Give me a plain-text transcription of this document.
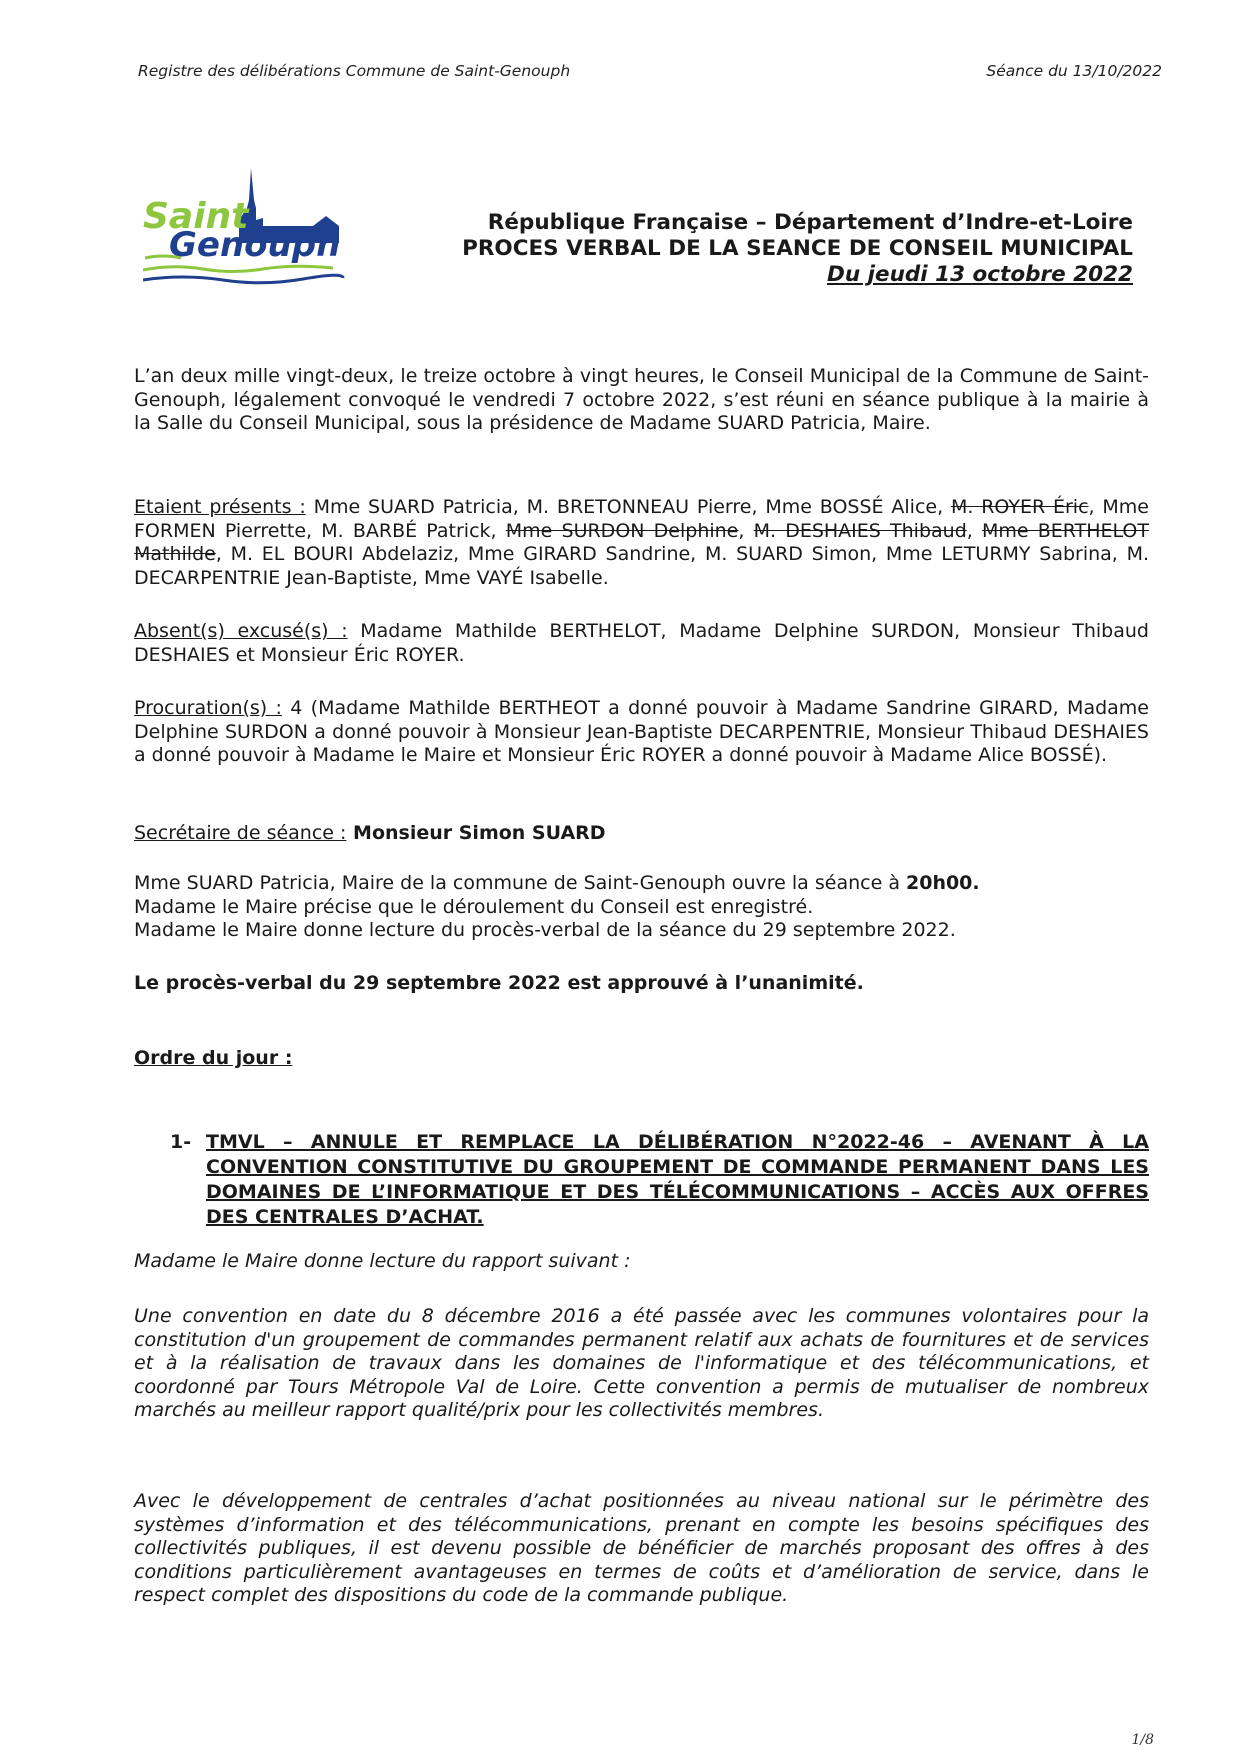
Registre des délibérations Commune de Saint-Genouph	Séance du 13/10/2022
Saint
Genouph
République Française – Département d’Indre-et-Loire
PROCES VERBAL DE LA SEANCE DE CONSEIL MUNICIPAL
Du jeudi 13 octobre 2022
L’an deux mille vingt-deux, le treize octobre à vingt heures, le Conseil Municipal de la Commune de Saint-Genouph, légalement convoqué le vendredi 7 octobre 2022, s’est réuni en séance publique à la mairie à la Salle du Conseil Municipal, sous la présidence de Madame SUARD Patricia, Maire.
Etaient présents : Mme SUARD Patricia, M. BRETONNEAU Pierre, Mme BOSSÉ Alice, M. ROYER Éric, Mme FORMEN Pierrette, M. BARBÉ Patrick, Mme SURDON Delphine, M. DESHAIES Thibaud, Mme BERTHELOT Mathilde, M. EL BOURI Abdelaziz, Mme GIRARD Sandrine, M. SUARD Simon, Mme LETURMY Sabrina, M. DECARPENTRIE Jean-Baptiste, Mme VAYÉ Isabelle.
Absent(s) excusé(s) : Madame Mathilde BERTHELOT, Madame Delphine SURDON, Monsieur Thibaud DESHAIES et Monsieur Éric ROYER.
Procuration(s) : 4 (Madame Mathilde BERTHEOT a donné pouvoir à Madame Sandrine GIRARD, Madame Delphine SURDON a donné pouvoir à Monsieur Jean-Baptiste DECARPENTRIE, Monsieur Thibaud DESHAIES a donné pouvoir à Madame le Maire et Monsieur Éric ROYER a donné pouvoir à Madame Alice BOSSÉ).
Secrétaire de séance : Monsieur Simon SUARD
Mme SUARD Patricia, Maire de la commune de Saint-Genouph ouvre la séance à 20h00.
Madame le Maire précise que le déroulement du Conseil est enregistré.
Madame le Maire donne lecture du procès-verbal de la séance du 29 septembre 2022.
Le procès-verbal du 29 septembre 2022 est approuvé à l’unanimité.
Ordre du jour :
1- TMVL – ANNULE ET REMPLACE LA DÉLIBÉRATION N°2022-46 – AVENANT À LA CONVENTION CONSTITUTIVE DU GROUPEMENT DE COMMANDE PERMANENT DANS LES DOMAINES DE L’INFORMATIQUE ET DES TÉLÉCOMMUNICATIONS – ACCÈS AUX OFFRES DES CENTRALES D’ACHAT.
Madame le Maire donne lecture du rapport suivant :
Une convention en date du 8 décembre 2016 a été passée avec les communes volontaires pour la constitution d'un groupement de commandes permanent relatif aux achats de fournitures et de services et à la réalisation de travaux dans les domaines de l'informatique et des télécommunications, et coordonné par Tours Métropole Val de Loire. Cette convention a permis de mutualiser de nombreux marchés au meilleur rapport qualité/prix pour les collectivités membres.
Avec le développement de centrales d’achat positionnées au niveau national sur le périmètre des systèmes d’information et des télécommunications, prenant en compte les besoins spécifiques des collectivités publiques, il est devenu possible de bénéficier de marchés proposant des offres à des conditions particulièrement avantageuses en termes de coûts et d’amélioration de service, dans le respect complet des dispositions du code de la commande publique.
1/8
